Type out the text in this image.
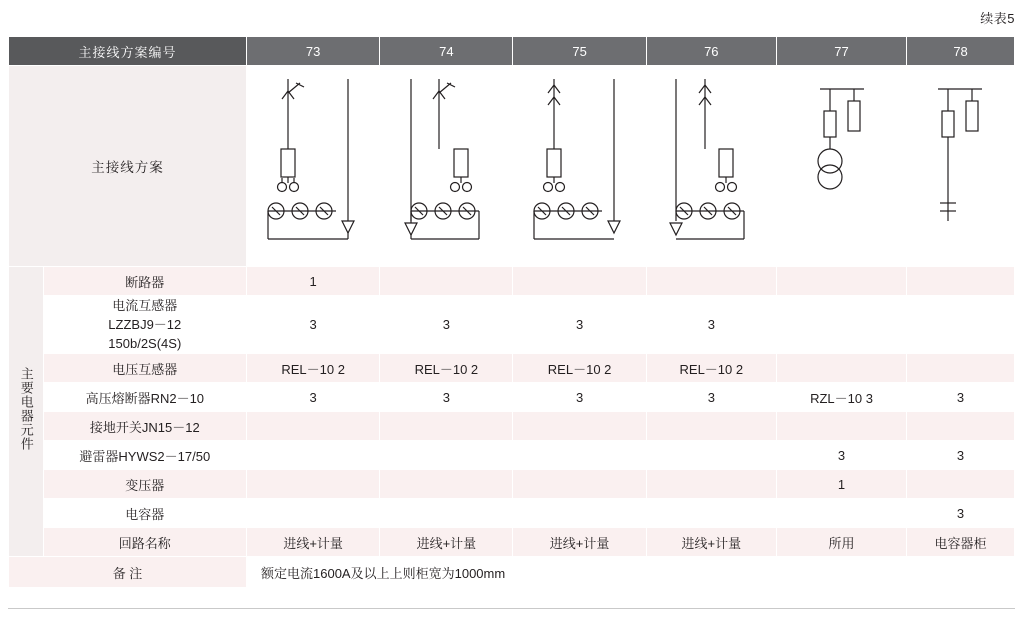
续表5
主接线方案编号		73	74	75	76	77	78
主接线方案	

主要电器元件	断路器	1					

	电流互感器
LZZBJ9－12
150b/2S(4S)	3	3	3	3		
	电压互感器	REL－10 2	REL－10 2	REL－10 2	REL－10 2		
	高压熔断器RN2－10	3	3	3	3	RZL－10 3	3
	接地开关JN15－12						
	避雷器HYWS2－17/50					3	3
	变压器					1	
	电容器						3
	回路名称	进线+计量	进线+计量	进线+计量	进线+计量	所用	电容器柜
备 注		额定电流1600A及以上上则柜宽为1000mm					
